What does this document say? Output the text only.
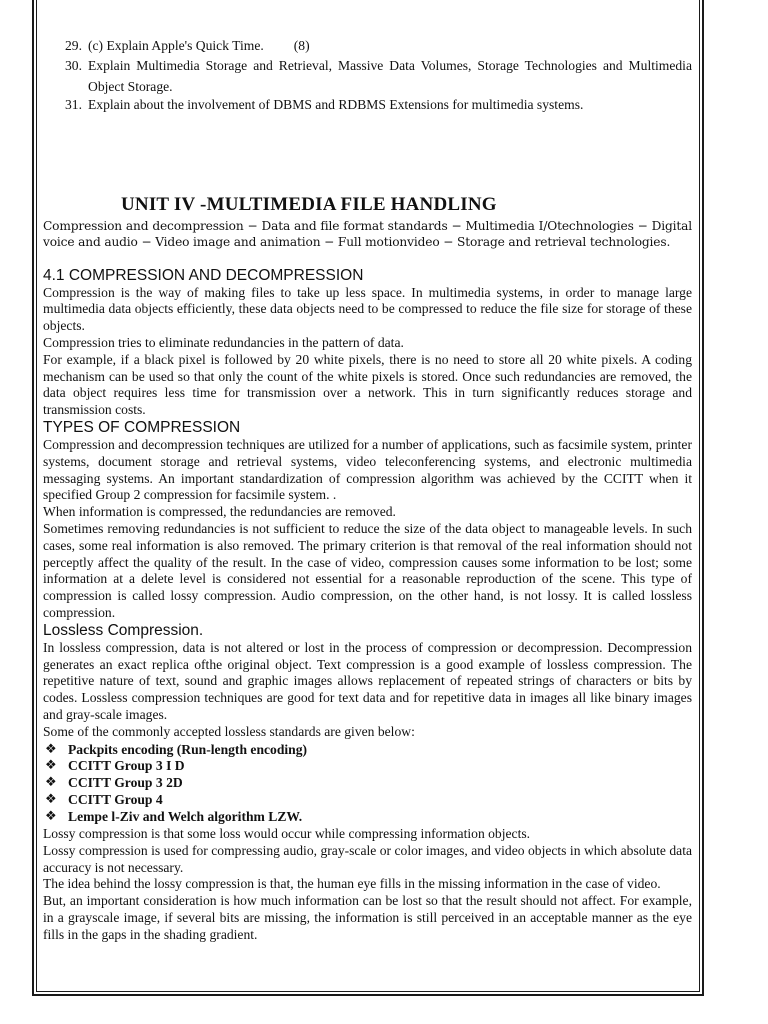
29. (c) Explain Apple's Quick Time. (8)
30. Explain Multimedia Storage and Retrieval, Massive Data Volumes, Storage Technologies and Multimedia Object Storage.
31. Explain about the involvement of DBMS and RDBMS Extensions for multimedia systems.
UNIT IV -MULTIMEDIA FILE HANDLING
Compression and decompression − Data and file format standards − Multimedia I/Otechnologies − Digital voice and audio − Video image and animation − Full motionvideo − Storage and retrieval technologies.
4.1 COMPRESSION AND DECOMPRESSION

Compression is the way of making files to take up less space. In multimedia systems, in order to manage large multimedia data objects efficiently, these data objects need to be compressed to reduce the file size for storage of these objects.

Compression tries to eliminate redundancies in the pattern of data.

For example, if a black pixel is followed by 20 white pixels, there is no need to store all 20 white pixels. A coding mechanism can be used so that only the count of the white pixels is stored. Once such redundancies are removed, the data object requires less time for transmission over a network. This in turn significantly reduces storage and transmission costs.

TYPES OF COMPRESSION

Compression and decompression techniques are utilized for a number of applications, such as facsimile system, printer systems, document storage and retrieval systems, video teleconferencing systems, and electronic multimedia messaging systems. An important standardization of compression algorithm was achieved by the CCITT when it specified Group 2 compression for facsimile system. .

When information is compressed, the redundancies are removed.

Sometimes removing redundancies is not sufficient to reduce the size of the data object to manageable levels. In such cases, some real information is also removed. The primary criterion is that removal of the real information should not perceptly affect the quality of the result. In the case of video, compression causes some information to be lost; some information at a delete level is considered not essential for a reasonable reproduction of the scene. This type of compression is called lossy compression. Audio compression, on the other hand, is not lossy. It is called lossless compression.

Lossless Compression.

In lossless compression, data is not altered or lost in the process of compression or decompression. Decompression generates an exact replica ofthe original object. Text compression is a good example of lossless compression. The repetitive nature of text, sound and graphic images allows replacement of repeated strings of characters or bits by codes. Lossless compression techniques are good for text data and for repetitive data in images all like binary images and gray-scale images.

Some of the commonly accepted lossless standards are given below:

❖ Packpits encoding (Run-length encoding)
❖ CCITT Group 3 I D
❖ CCITT Group 3 2D
❖ CCITT Group 4
❖ Lempe l-Ziv and Welch algorithm LZW.

Lossy compression is that some loss would occur while compressing information objects.

Lossy compression is used for compressing audio, gray-scale or color images, and video objects in which absolute data accuracy is not necessary.

The idea behind the lossy compression is that, the human eye fills in the missing information in the case of video.

But, an important consideration is how much information can be lost so that the result should not affect. For example, in a grayscale image, if several bits are missing, the information is still perceived in an acceptable manner as the eye fills in the gaps in the shading gradient.
